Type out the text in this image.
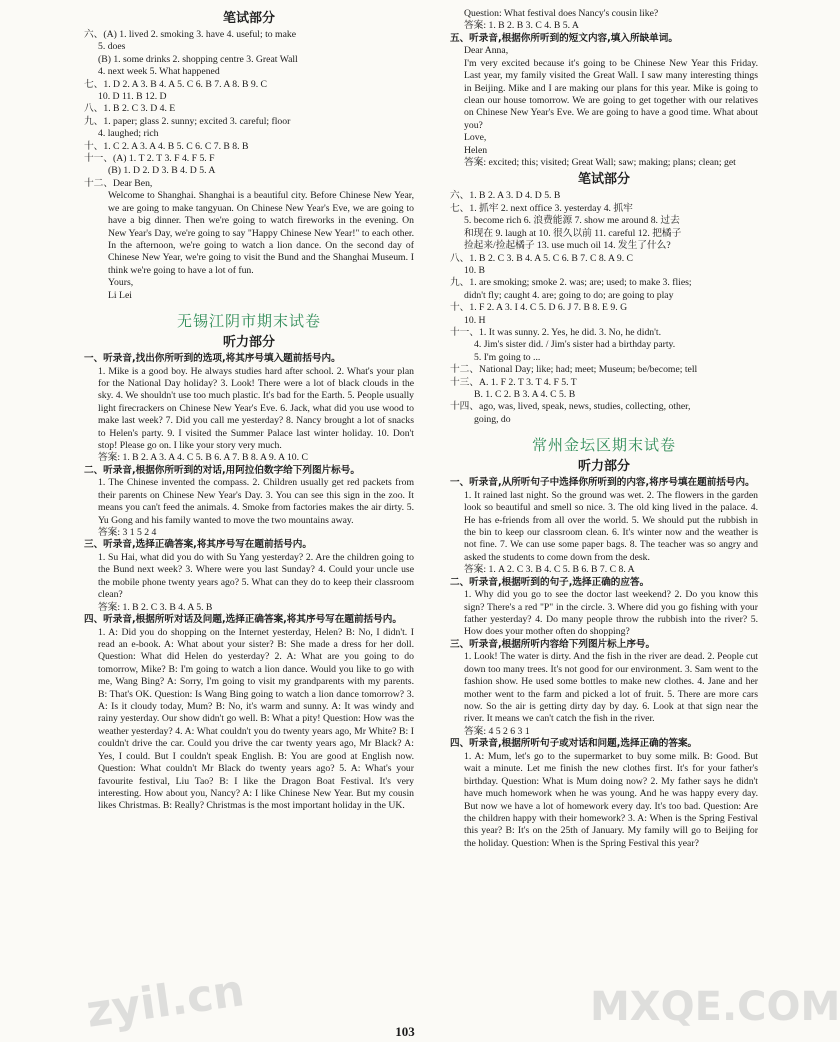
笔试部分

六、(A) 1. lived 2. smoking 3. have 4. useful; to make

5. does

(B) 1. some drinks 2. shopping centre 3. Great Wall

4. next week 5. What happened

七、1. D 2. A 3. B 4. A 5. C 6. B 7. A 8. B 9. C

10. D 11. B 12. D

八、1. B 2. C 3. D 4. E

九、1. paper; glass 2. sunny; excited 3. careful; floor

4. laughed; rich

十、1. C 2. A 3. A 4. B 5. C 6. C 7. B 8. B

十一、(A) 1. T 2. T 3. F 4. F 5. F

(B) 1. D 2. D 3. B 4. D 5. A

十二、Dear Ben,

Welcome to Shanghai. Shanghai is a beautiful city. Before Chinese New Year, we are going to make tangyuan. On Chinese New Year's Eve, we are going to have a big dinner. Then we're going to watch fireworks in the evening. On New Year's Day, we're going to say "Happy Chinese New Year!" to each other. In the afternoon, we're going to watch a lion dance. On the second day of Chinese New Year, we're going to visit the Bund and the Shanghai Museum. I think we're going to have a lot of fun.

Yours,

Li Lei

无锡江阴市期末试卷
听力部分

一、听录音,找出你所听到的选项,将其序号填入题前括号内。

1. Mike is a good boy. He always studies hard after school. 2. What's your plan for the National Day holiday? 3. Look! There were a lot of black clouds in the sky. 4. We shouldn't use too much plastic. It's bad for the Earth. 5. People usually light firecrackers on Chinese New Year's Eve. 6. Jack, what did you use wood to make last week? 7. Did you call me yesterday? 8. Nancy brought a lot of snacks to Helen's party. 9. I visited the Summer Palace last winter holiday. 10. Don't stop! Please go on. I like your story very much.

答案: 1. B 2. A 3. A 4. C 5. B 6. A 7. B 8. A 9. A 10. C

二、听录音,根据你所听到的对话,用阿拉伯数字给下列图片标号。

1. The Chinese invented the compass. 2. Children usually get red packets from their parents on Chinese New Year's Day. 3. You can see this sign in the zoo. It means you can't feed the animals. 4. Smoke from factories makes the air dirty. 5. Yu Gong and his family wanted to move the two mountains away.

答案: 3 1 5 2 4

三、听录音,选择正确答案,将其序号写在题前括号内。

1. Su Hai, what did you do with Su Yang yesterday? 2. Are the children going to the Bund next week? 3. Where were you last Sunday? 4. Could your uncle use the mobile phone twenty years ago? 5. What can they do to keep their classroom clean?

答案: 1. B 2. C 3. B 4. A 5. B

四、听录音,根据所听对话及问题,选择正确答案,将其序号写在题前括号内。

1. A: Did you do shopping on the Internet yesterday, Helen? B: No, I didn't. I read an e-book. A: What about your sister? B: She made a dress for her doll. Question: What did Helen do yesterday? 2. A: What are you going to do tomorrow, Mike? B: I'm going to watch a lion dance. Would you like to go with me, Wang Bing? A: Sorry, I'm going to visit my grandparents with my parents. B: That's OK. Question: Is Wang Bing going to watch a lion dance tomorrow? 3. A: Is it cloudy today, Mum? B: No, it's warm and sunny. A: It was windy and rainy yesterday. Our show didn't go well. B: What a pity! Question: How was the weather yesterday? 4. A: What couldn't you do twenty years ago, Mr White? B: I couldn't drive the car. Could you drive the car twenty years ago, Mr Black? A: Yes, I could. But I couldn't speak English. B: You are good at English now. Question: What couldn't Mr Black do twenty years ago? 5. A: What's your favourite festival, Liu Tao? B: I like the Dragon Boat Festival. It's very interesting. How about you, Nancy? A: I like Chinese New Year. But my cousin likes Christmas. B: Really? Christmas is the most important holiday in the UK.

Question: What festival does Nancy's cousin like?

答案: 1. B 2. B 3. C 4. B 5. A

五、听录音,根据你所听到的短文内容,填入所缺单词。

Dear Anna,

I'm very excited because it's going to be Chinese New Year this Friday. Last year, my family visited the Great Wall. I saw many interesting things in Beijing. Mike and I are making our plans for this year. Mike is going to clean our house tomorrow. We are going to get together with our relatives on Chinese New Year's Eve. We are going to have a good time. What about you?

Love,

Helen

答案: excited; this; visited; Great Wall; saw; making; plans; clean; get

笔试部分

六、1. B 2. A 3. D 4. D 5. B

七、1. 抓牢 2. next office 3. yesterday 4. 抓牢

5. become rich 6. 浪费能源 7. show me around 8. 过去

和现在 9. laugh at 10. 很久以前 11. careful 12. 把橘子

捡起来/捡起橘子 13. use much oil 14. 发生了什么?

八、1. B 2. C 3. B 4. A 5. C 6. B 7. C 8. A 9. C

10. B

九、1. are smoking; smoke 2. was; are; used; to make 3. flies;

didn't fly; caught 4. are; going to do; are going to play

十、1. F 2. A 3. I 4. C 5. D 6. J 7. B 8. E 9. G

10. H

十一、1. It was sunny. 2. Yes, he did. 3. No, he didn't.

4. Jim's sister did. / Jim's sister had a birthday party.

5. I'm going to ...

十二、National Day; like; had; meet; Museum; be/become; tell

十三、A. 1. F 2. T 3. T 4. F 5. T

B. 1. C 2. B 3. A 4. C 5. B

十四、ago, was, lived, speak, news, studies, collecting, other,

going, do

常州金坛区期末试卷
听力部分

一、听录音,从所听句子中选择你所听到的内容,将序号填在题前括号内。

1. It rained last night. So the ground was wet. 2. The flowers in the garden look so beautiful and smell so nice. 3. The old king lived in the palace. 4. He has e-friends from all over the world. 5. We should put the rubbish in the bin to keep our classroom clean. 6. It's winter now and the weather is not fine. 7. We can use some paper bags. 8. The teacher was so angry and asked the students to come down from the desk.

答案: 1. A 2. C 3. B 4. C 5. B 6. B 7. C 8. A

二、听录音,根据听到的句子,选择正确的应答。

1. Why did you go to see the doctor last weekend? 2. Do you know this sign? There's a red "P" in the circle. 3. Where did you go fishing with your father yesterday? 4. Do many people throw the rubbish into the river? 5. How does your mother often do shopping?

三、听录音,根据所听内容给下列图片标上序号。

1. Look! The water is dirty. And the fish in the river are dead. 2. People cut down too many trees. It's not good for our environment. 3. Sam went to the fashion show. He used some bottles to make new clothes. 4. Jane and her mother went to the farm and picked a lot of fruit. 5. There are more cars now. So the air is getting dirty day by day. 6. Look at that sign near the river. It means we can't catch the fish in the river.

答案: 4 5 2 6 3 1

四、听录音,根据所听句子或对话和问题,选择正确的答案。

1. A: Mum, let's go to the supermarket to buy some milk. B: Good. But wait a minute. Let me finish the new clothes first. It's for your father's birthday. Question: What is Mum doing now? 2. My father says he didn't have much homework when he was young. And he was happy every day. But now we have a lot of homework every day. It's too bad. Question: Are the children happy with their homework? 3. A: When is the Spring Festival this year? B: It's on the 25th of January. My family will go to Beijing for the holiday. Question: When is the Spring Festival this year?

103
zyil.cn	MXQE.COM
